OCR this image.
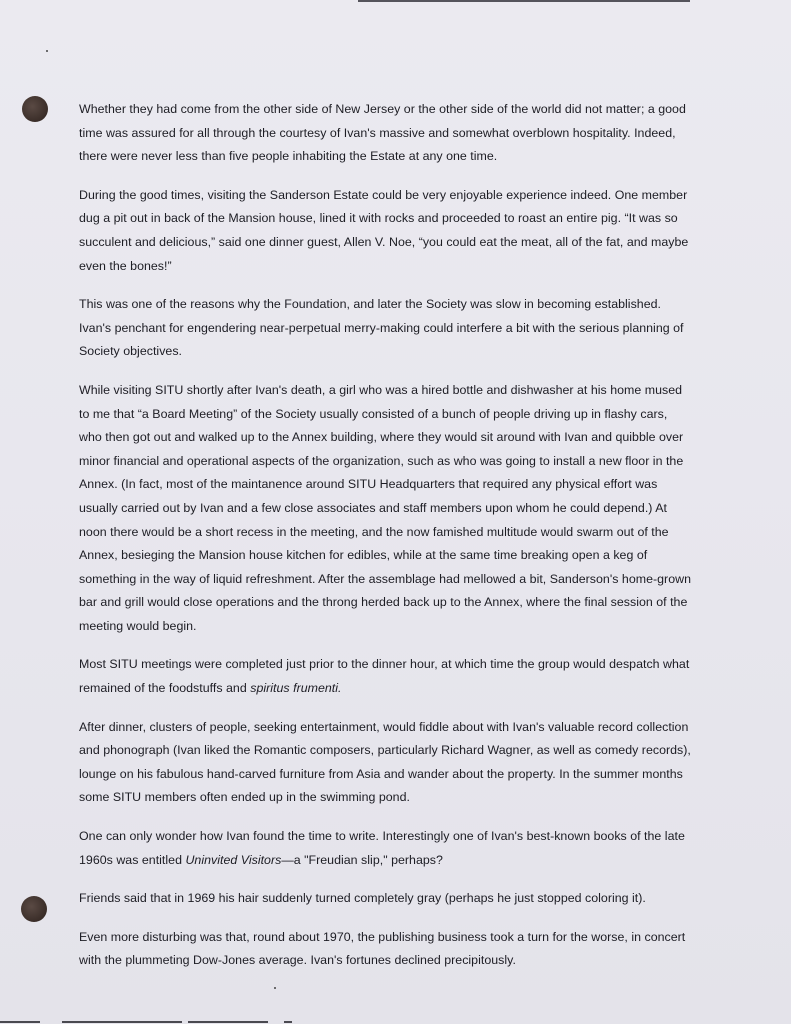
Whether they had come from the other side of New Jersey or the other side of the world did not matter; a good time was assured for all through the courtesy of Ivan's massive and somewhat overblown hospitality. Indeed, there were never less than five people inhabiting the Estate at any one time.

During the good times, visiting the Sanderson Estate could be very enjoyable experience indeed. One member dug a pit out in back of the Mansion house, lined it with rocks and proceeded to roast an entire pig. “It was so succulent and delicious,” said one dinner guest, Allen V. Noe, “you could eat the meat, all of the fat, and maybe even the bones!”

This was one of the reasons why the Foundation, and later the Society was slow in becoming established. Ivan's penchant for engendering near-perpetual merry-making could interfere a bit with the serious planning of Society objectives.

While visiting SITU shortly after Ivan's death, a girl who was a hired bottle and dishwasher at his home mused to me that “a Board Meeting” of the Society usually consisted of a bunch of people driving up in flashy cars, who then got out and walked up to the Annex building, where they would sit around with Ivan and quibble over minor financial and operational aspects of the organization, such as who was going to install a new floor in the Annex. (In fact, most of the maintanence around SITU Headquarters that required any physical effort was usually carried out by Ivan and a few close associates and staff members upon whom he could depend.) At noon there would be a short recess in the meeting, and the now famished multitude would swarm out of the Annex, besieging the Mansion house kitchen for edibles, while at the same time breaking open a keg of something in the way of liquid refreshment. After the assemblage had mellowed a bit, Sanderson's home-grown bar and grill would close operations and the throng herded back up to the Annex, where the final session of the meeting would begin.

Most SITU meetings were completed just prior to the dinner hour, at which time the group would despatch what remained of the foodstuffs and spiritus frumenti.

After dinner, clusters of people, seeking entertainment, would fiddle about with Ivan's valuable record collection and phonograph (Ivan liked the Romantic composers, particularly Richard Wagner, as well as comedy records), lounge on his fabulous hand-carved furniture from Asia and wander about the property. In the summer months some SITU members often ended up in the swimming pond.

One can only wonder how Ivan found the time to write. Interestingly one of Ivan's best-known books of the late 1960s was entitled Uninvited Visitors—a "Freudian slip," perhaps?

Friends said that in 1969 his hair suddenly turned completely gray (perhaps he just stopped coloring it).

Even more disturbing was that, round about 1970, the publishing business took a turn for the worse, in concert with the plummeting Dow-Jones average. Ivan's fortunes declined precipitously.
